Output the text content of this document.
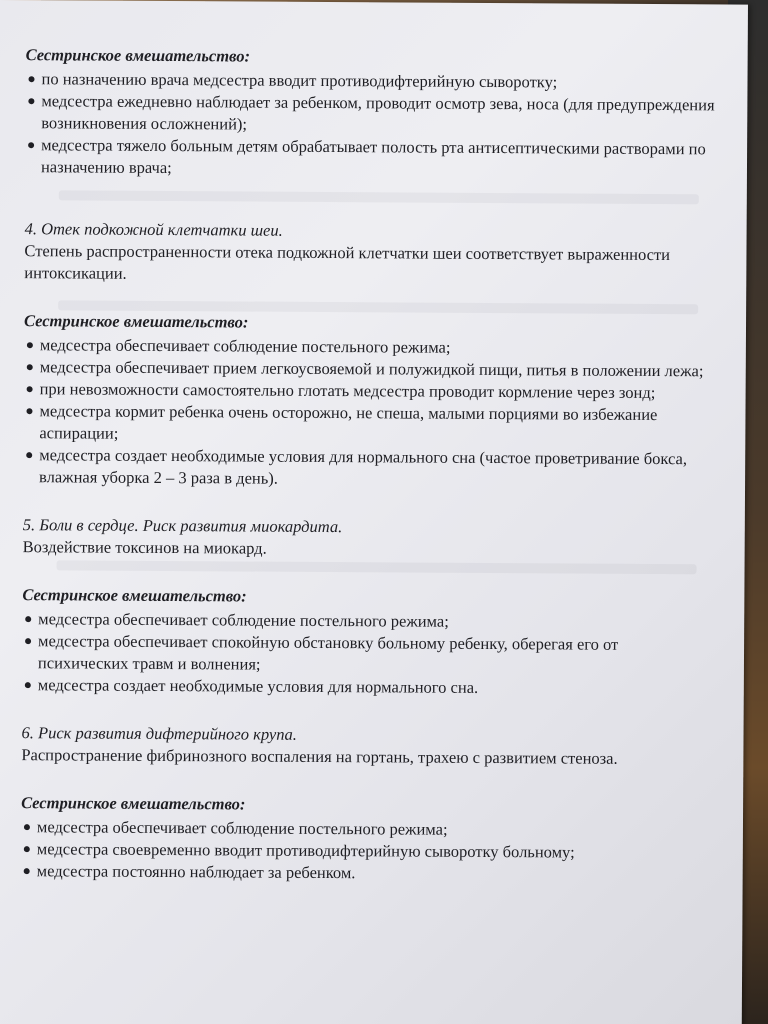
Сестринское вмешательство:

по назначению врача медсестра вводит противодифтерийную сыворотку;
медсестра ежедневно наблюдает за ребенком, проводит осмотр зева, носа (для предупреждения возникновения осложнений);
медсестра тяжело больным детям обрабатывает полость рта антисептическими растворами по назначению врача;

4. Отек подкожной клетчатки шеи.

Степень распространенности отека подкожной клетчатки шеи соответствует выраженности интоксикации.

Сестринское вмешательство:

медсестра обеспечивает соблюдение постельного режима;
медсестра обеспечивает прием легкоусвояемой и полужидкой пищи, питья в положении лежа;
при невозможности самостоятельно глотать медсестра проводит кормление через зонд;
медсестра кормит ребенка очень осторожно, не спеша, малыми порциями во избежание аспирации;
медсестра создает необходимые условия для нормального сна (частое проветривание бокса, влажная уборка 2 – 3 раза в день).

5. Боли в сердце. Риск развития миокардита.

Воздействие токсинов на миокард.

Сестринское вмешательство:

медсестра обеспечивает соблюдение постельного режима;
медсестра обеспечивает спокойную обстановку больному ребенку, оберегая его от психических травм и волнения;
медсестра создает необходимые условия для нормального сна.

6. Риск развития дифтерийного крупа.

Распространение фибринозного воспаления на гортань, трахею с развитием стеноза.

Сестринское вмешательство:

медсестра обеспечивает соблюдение постельного режима;
медсестра своевременно вводит противодифтерийную сыворотку больному;
медсестра постоянно наблюдает за ребенком.
